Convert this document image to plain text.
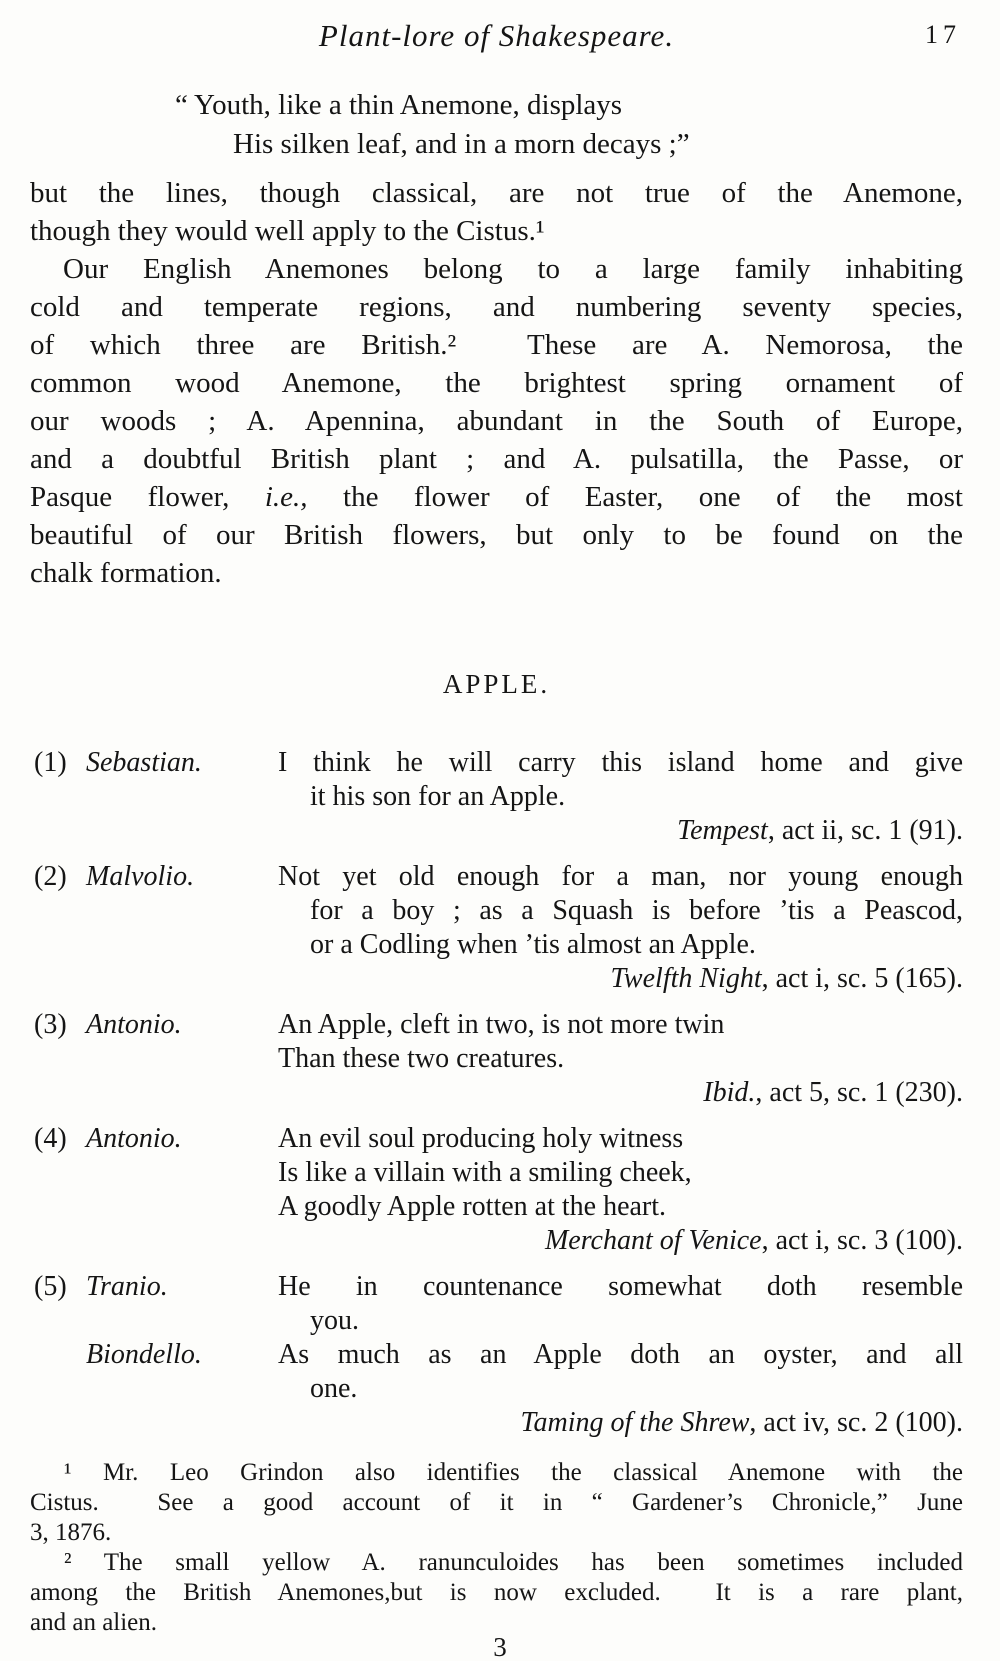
Plant-lore of Shakespeare.	17
“ Youth, like a thin Anemone, displays
His silken leaf, and in a morn decays ;”
but the lines, though classical, are not true of the Anemone,
though they would well apply to the Cistus.¹
Our English Anemones belong to a large family inhabiting
cold and temperate regions, and numbering seventy species,
of which three are British.²  These are A. Nemorosa, the
common wood Anemone, the brightest spring ornament of
our woods ; A. Apennina, abundant in the South of Europe,
and a doubtful British plant ; and A. pulsatilla, the Passe, or
Pasque flower, i.e., the flower of Easter, one of the most
beautiful of our British flowers, but only to be found on the
chalk formation.
APPLE.
(1) Sebastian.	I think he will carry this island home and give
it his son for an Apple.
Tempest, act ii, sc. 1 (91).
(2) Malvolio.	Not yet old enough for a man, nor young enough
for a boy ; as a Squash is before ’tis a Peascod,
or a Codling when ’tis almost an Apple.
Twelfth Night, act i, sc. 5 (165).
(3) Antonio.	An Apple, cleft in two, is not more twin
Than these two creatures.
Ibid., act 5, sc. 1 (230).
(4) Antonio.	An evil soul producing holy witness
Is like a villain with a smiling cheek,
A goodly Apple rotten at the heart.
Merchant of Venice, act i, sc. 3 (100).
(5) Tranio.	He in countenance somewhat doth resemble
you.
Biondello.	As much as an Apple doth an oyster, and all
one.
Taming of the Shrew, act iv, sc. 2 (100).
¹ Mr. Leo Grindon also identifies the classical Anemone with the
Cistus.  See a good account of it in “ Gardener’s Chronicle,” June
3, 1876.
² The small yellow A. ranunculoides has been sometimes included
among the British Anemones,but is now excluded.  It is a rare plant,
and an alien.
3
